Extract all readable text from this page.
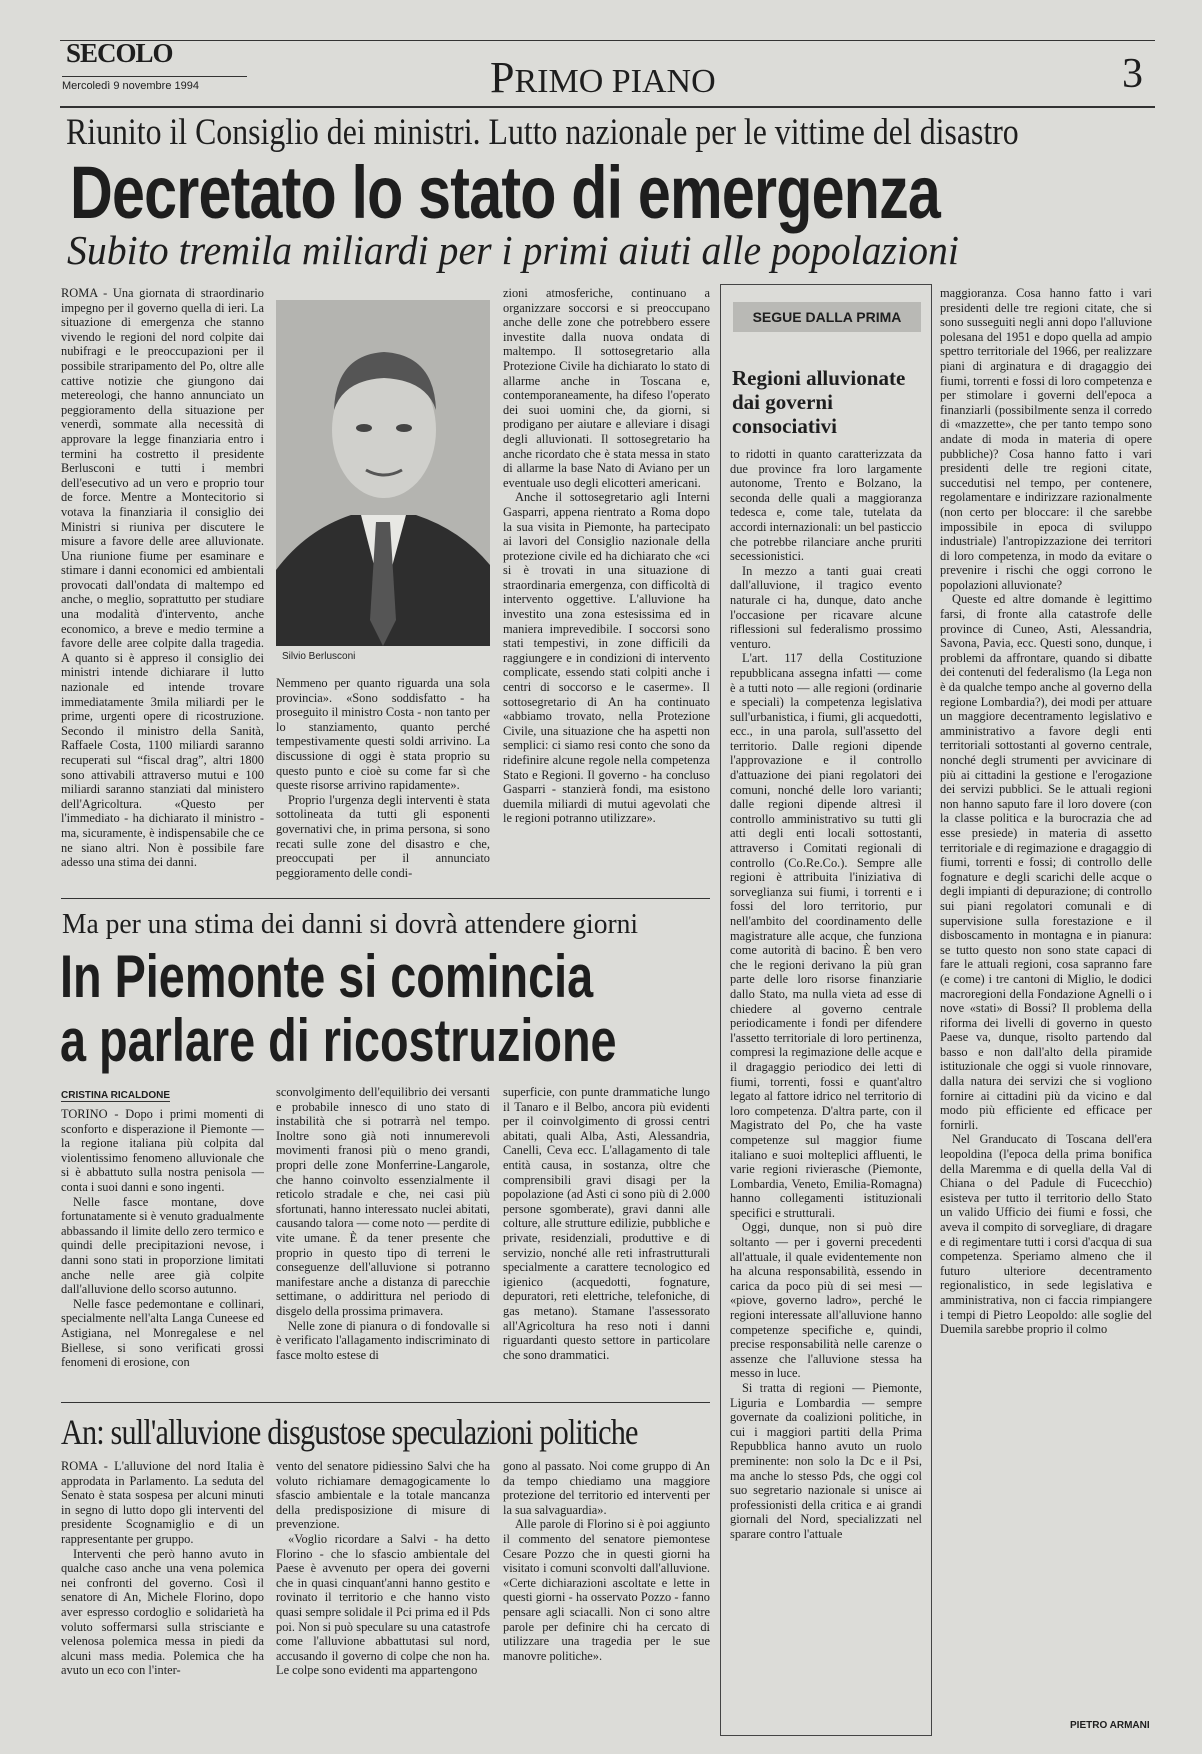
SECOLO
Mercoledì 9 novembre 1994	PRIMO PIANO	3
Riunito il Consiglio dei ministri. Lutto nazionale per le vittime del disastro
Decretato lo stato di emergenza
Subito tremila miliardi per i primi aiuti alle popolazioni

ROMA - Una giornata di straordinario impegno per il governo quella di ieri. La situazione di emergenza che stanno vivendo le regioni del nord colpite dai nubifragi e le preoccupazioni per il possibile straripamento del Po, oltre alle cattive notizie che giungono dai metereologi, che hanno annunciato un peggioramento della situazione per venerdì, sommate alla necessità di approvare la legge finanziaria entro i termini ha costretto il presidente Berlusconi e tutti i membri dell'esecutivo ad un vero e proprio tour de force. Mentre a Montecitorio si votava la finanziaria il consiglio dei Ministri si riuniva per discutere le misure a favore delle aree alluvionate. Una riunione fiume per esaminare e stimare i danni economici ed ambientali provocati dall'ondata di maltempo ed anche, o meglio, soprattutto per studiare una modalità d'intervento, anche economico, a breve e medio termine a favore delle aree colpite dalla tragedia. A quanto si è appreso il consiglio dei ministri intende dichiarare il lutto nazionale ed intende trovare immediatamente 3mila miliardi per le prime, urgenti opere di ricostruzione. Secondo il ministro della Sanità, Raffaele Costa, 1100 miliardi saranno recuperati sul “fiscal drag”, altri 1800 sono attivabili attraverso mutui e 100 miliardi saranno stanziati dal ministero dell'Agricoltura. «Questo per l'immediato - ha dichiarato il ministro - ma, sicuramente, è indispensabile che ce ne siano altri. Non è possibile fare adesso una stima dei danni.

Silvio Berlusconi

Nemmeno per quanto riguarda una sola provincia». «Sono soddisfatto - ha proseguito il ministro Costa - non tanto per lo stanziamento, quanto perché tempestivamente questi soldi arrivino. La discussione di oggi è stata proprio su questo punto e cioè su come far sì che queste risorse arrivino rapidamente».

Proprio l'urgenza degli interventi è stata sottolineata da tutti gli esponenti governativi che, in prima persona, si sono recati sulle zone del disastro e che, preoccupati per il annunciato peggioramento delle condi-

zioni atmosferiche, continuano a organizzare soccorsi e si preoccupano anche delle zone che potrebbero essere investite dalla nuova ondata di maltempo. Il sottosegretario alla Protezione Civile ha dichiarato lo stato di allarme anche in Toscana e, contemporaneamente, ha difeso l'operato dei suoi uomini che, da giorni, si prodigano per aiutare e alleviare i disagi degli alluvionati. Il sottosegretario ha anche ricordato che è stata messa in stato di allarme la base Nato di Aviano per un eventuale uso degli elicotteri americani.

Anche il sottosegretario agli Interni Gasparri, appena rientrato a Roma dopo la sua visita in Piemonte, ha partecipato ai lavori del Consiglio nazionale della protezione civile ed ha dichiarato che «ci si è trovati in una situazione di straordinaria emergenza, con difficoltà di intervento oggettive. L'alluvione ha investito una zona estesissima ed in maniera imprevedibile. I soccorsi sono stati tempestivi, in zone difficili da raggiungere e in condizioni di intervento complicate, essendo stati colpiti anche i centri di soccorso e le caserme». Il sottosegretario di An ha continuato «abbiamo trovato, nella Protezione Civile, una situazione che ha aspetti non semplici: ci siamo resi conto che sono da ridefinire alcune regole nella competenza Stato e Regioni. Il governo - ha concluso Gasparri - stanzierà fondi, ma esistono duemila miliardi di mutui agevolati che le regioni potranno utilizzare».

Ma per una stima dei danni si dovrà attendere giorni
In Piemonte si comincia
a parlare di ricostruzione
CRISTINA RICALDONE

TORINO - Dopo i primi momenti di sconforto e disperazione il Piemonte — la regione italiana più colpita dal violentissimo fenomeno alluvionale che si è abbattuto sulla nostra penisola — conta i suoi danni e sono ingenti.

Nelle fasce montane, dove fortunatamente si è venuto gradualmente abbassando il limite dello zero termico e quindi delle precipitazioni nevose, i danni sono stati in proporzione limitati anche nelle aree già colpite dall'alluvione dello scorso autunno.

Nelle fasce pedemontane e collinari, specialmente nell'alta Langa Cuneese ed Astigiana, nel Monregalese e nel Biellese, si sono verificati grossi fenomeni di erosione, con

sconvolgimento dell'equilibrio dei versanti e probabile innesco di uno stato di instabilità che si potrarrà nel tempo. Inoltre sono già noti innumerevoli movimenti franosi più o meno grandi, propri delle zone Monferrine-Langarole, che hanno coinvolto essenzialmente il reticolo stradale e che, nei casi più sfortunati, hanno interessato nuclei abitati, causando talora — come noto — perdite di vite umane. È da tener presente che proprio in questo tipo di terreni le conseguenze dell'alluvione si potranno manifestare anche a distanza di parecchie settimane, o addirittura nel periodo di disgelo della prossima primavera.

Nelle zone di pianura o di fondovalle si è verificato l'allagamento indiscriminato di fasce molto estese di

superficie, con punte drammatiche lungo il Tanaro e il Belbo, ancora più evidenti per il coinvolgimento di grossi centri abitati, quali Alba, Asti, Alessandria, Canelli, Ceva ecc. L'allagamento di tale entità causa, in sostanza, oltre che comprensibili gravi disagi per la popolazione (ad Asti ci sono più di 2.000 persone sgomberate), gravi danni alle colture, alle strutture edilizie, pubbliche e private, residenziali, produttive e di servizio, nonché alle reti infrastrutturali specialmente a carattere tecnologico ed igienico (acquedotti, fognature, depuratori, reti elettriche, telefoniche, di gas metano). Stamane l'assessorato all'Agricoltura ha reso noti i danni riguardanti questo settore in particolare che sono drammatici.

An: sull'alluvione disgustose speculazioni politiche

ROMA - L'alluvione del nord Italia è approdata in Parlamento. La seduta del Senato è stata sospesa per alcuni minuti in segno di lutto dopo gli interventi del presidente Scognamiglio e di un rappresentante per gruppo.

Interventi che però hanno avuto in qualche caso anche una vena polemica nei confronti del governo. Così il senatore di An, Michele Florino, dopo aver espresso cordoglio e solidarietà ha voluto soffermarsi sulla strisciante e velenosa polemica messa in piedi da alcuni mass media. Polemica che ha avuto un eco con l'inter-

vento del senatore pidiessino Salvi che ha voluto richiamare demagogicamente lo sfascio ambientale e la totale mancanza della predisposizione di misure di prevenzione.

«Voglio ricordare a Salvi - ha detto Florino - che lo sfascio ambientale del Paese è avvenuto per opera dei governi che in quasi cinquant'anni hanno gestito e rovinato il territorio e che hanno visto quasi sempre solidale il Pci prima ed il Pds poi. Non si può speculare su una catastrofe come l'alluvione abbattutasi sul nord, accusando il governo di colpe che non ha. Le colpe sono evidenti ma appartengono

gono al passato. Noi come gruppo di An da tempo chiediamo una maggiore protezione del territorio ed interventi per la sua salvaguardia».

Alle parole di Florino si è poi aggiunto il commento del senatore piemontese Cesare Pozzo che in questi giorni ha visitato i comuni sconvolti dall'alluvione. «Certe dichiarazioni ascoltate e lette in questi giorni - ha osservato Pozzo - fanno pensare agli sciacalli. Non ci sono altre parole per definire chi ha cercato di utilizzare una tragedia per le sue manovre politiche».

SEGUE DALLA PRIMA
Regioni alluvionate dai governi consociativi

to ridotti in quanto caratterizzata da due province fra loro largamente autonome, Trento e Bolzano, la seconda delle quali a maggioranza tedesca e, come tale, tutelata da accordi internazionali: un bel pasticcio che potrebbe rilanciare anche pruriti secessionistici.

In mezzo a tanti guai creati dall'alluvione, il tragico evento naturale ci ha, dunque, dato anche l'occasione per ricavare alcune riflessioni sul federalismo prossimo venturo.

L'art. 117 della Costituzione repubblicana assegna infatti — come è a tutti noto — alle regioni (ordinarie e speciali) la competenza legislativa sull'urbanistica, i fiumi, gli acquedotti, ecc., in una parola, sull'assetto del territorio. Dalle regioni dipende l'approvazione e il controllo d'attuazione dei piani regolatori dei comuni, nonché delle loro varianti; dalle regioni dipende altresì il controllo amministrativo su tutti gli atti degli enti locali sottostanti, attraverso i Comitati regionali di controllo (Co.Re.Co.). Sempre alle regioni è attribuita l'iniziativa di sorveglianza sui fiumi, i torrenti e i fossi del loro territorio, pur nell'ambito del coordinamento delle magistrature alle acque, che funziona come autorità di bacino. È ben vero che le regioni derivano la più gran parte delle loro risorse finanziarie dallo Stato, ma nulla vieta ad esse di chiedere al governo centrale periodicamente i fondi per difendere l'assetto territoriale di loro pertinenza, compresi la regimazione delle acque e il dragaggio periodico dei letti di fiumi, torrenti, fossi e quant'altro legato al fattore idrico nel territorio di loro competenza. D'altra parte, con il Magistrato del Po, che ha vaste competenze sul maggior fiume italiano e suoi molteplici affluenti, le varie regioni rivierasche (Piemonte, Lombardia, Veneto, Emilia-Romagna) hanno collegamenti istituzionali specifici e strutturali.

Oggi, dunque, non si può dire soltanto — per i governi precedenti all'attuale, il quale evidentemente non ha alcuna responsabilità, essendo in carica da poco più di sei mesi — «piove, governo ladro», perché le regioni interessate all'alluvione hanno competenze specifiche e, quindi, precise responsabilità nelle carenze o assenze che l'alluvione stessa ha messo in luce.

Si tratta di regioni — Piemonte, Liguria e Lombardia — sempre governate da coalizioni politiche, in cui i maggiori partiti della Prima Repubblica hanno avuto un ruolo preminente: non solo la Dc e il Psi, ma anche lo stesso Pds, che oggi col suo segretario nazionale si unisce ai professionisti della critica e ai grandi giornali del Nord, specializzati nel sparare contro l'attuale

maggioranza. Cosa hanno fatto i vari presidenti delle tre regioni citate, che si sono susseguiti negli anni dopo l'alluvione polesana del 1951 e dopo quella ad ampio spettro territoriale del 1966, per realizzare piani di arginatura e di dragaggio dei fiumi, torrenti e fossi di loro competenza e per stimolare i governi dell'epoca a finanziarli (possibilmente senza il corredo di «mazzette», che per tanto tempo sono andate di moda in materia di opere pubbliche)? Cosa hanno fatto i vari presidenti delle tre regioni citate, succedutisi nel tempo, per contenere, regolamentare e indirizzare razionalmente (non certo per bloccare: il che sarebbe impossibile in epoca di sviluppo industriale) l'antropizzazione dei territori di loro competenza, in modo da evitare o prevenire i rischi che oggi corrono le popolazioni alluvionate?

Queste ed altre domande è legittimo farsi, di fronte alla catastrofe delle province di Cuneo, Asti, Alessandria, Savona, Pavia, ecc. Questi sono, dunque, i problemi da affrontare, quando si dibatte dei contenuti del federalismo (la Lega non è da qualche tempo anche al governo della regione Lombardia?), dei modi per attuare un maggiore decentramento legislativo e amministrativo a favore degli enti territoriali sottostanti al governo centrale, nonché degli strumenti per avvicinare di più ai cittadini la gestione e l'erogazione dei servizi pubblici. Se le attuali regioni non hanno saputo fare il loro dovere (con la classe politica e la burocrazia che ad esse presiede) in materia di assetto territoriale e di regimazione e dragaggio di fiumi, torrenti e fossi; di controllo delle fognature e degli scarichi delle acque o degli impianti di depurazione; di controllo sui piani regolatori comunali e di supervisione sulla forestazione e il disboscamento in montagna e in pianura: se tutto questo non sono state capaci di fare le attuali regioni, cosa sapranno fare (e come) i tre cantoni di Miglio, le dodici macroregioni della Fondazione Agnelli o i nove «stati» di Bossi? Il problema della riforma dei livelli di governo in questo Paese va, dunque, risolto partendo dal basso e non dall'alto della piramide istituzionale che oggi si vuole rinnovare, dalla natura dei servizi che si vogliono fornire ai cittadini più da vicino e dal modo più efficiente ed efficace per fornirli.

Nel Granducato di Toscana dell'era leopoldina (l'epoca della prima bonifica della Maremma e di quella della Val di Chiana o del Padule di Fucecchio) esisteva per tutto il territorio dello Stato un valido Ufficio dei fiumi e fossi, che aveva il compito di sorvegliare, di dragare e di regimentare tutti i corsi d'acqua di sua competenza. Speriamo almeno che il futuro ulteriore decentramento regionalistico, in sede legislativa e amministrativa, non ci faccia rimpiangere i tempi di Pietro Leopoldo: alle soglie del Duemila sarebbe proprio il colmo

PIETRO ARMANI
